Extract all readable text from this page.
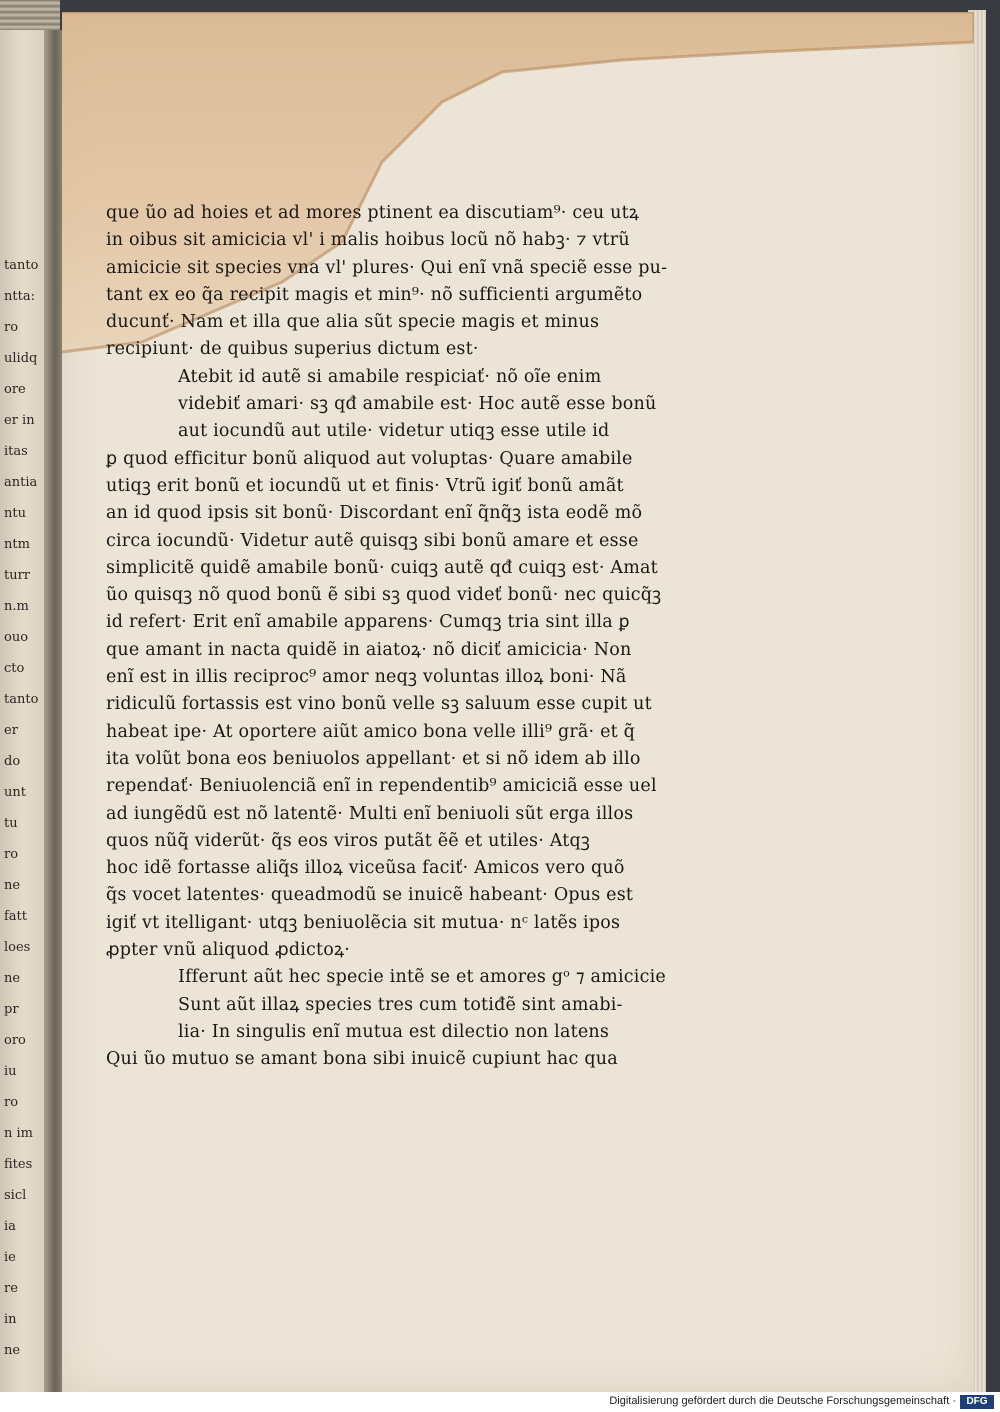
tanto
ntta:
ro
ulidq
ore
er in
itas
antia
ntu
ntm
turr
n.m
ouo
cto
tanto
er
do
unt
tu
ro
ne
fatt
loes
ne
pr
oro
iu
ro
n im
fites
sicl
ia
ie
re
in
ne
que ũo ad hoies et ad mores ptinent ea discutiam⁹· ceu utꝝ
in oibus sit amicicia vl' i malis hoibus locũ nõ habꝫ· ⁊ vtrũ
amicicie sit species vna vl' plures· Qui enĩ vnã speciẽ esse pu-
tant ex eo q̃a recipit magis et min⁹· nõ sufficienti argumẽto
ducunť· Nam et illa que alia sũt specie magis et minus
recipiunt· de quibus superius dictum est·
Atebit id autẽ si amabile respiciať· nõ oĩe enim
videbiť amari· sꝫ qđ amabile est· Hoc autẽ esse bonũ
aut iocundũ aut utile· videtur utiqꝫ esse utile id
ꝑ quod efficitur bonũ aliquod aut voluptas· Quare amabile
utiqꝫ erit bonũ et iocundũ ut et finis· Vtrũ igiť bonũ amãt
an id quod ipsis sit bonũ· Discordant enĩ q̃nq̃ꝫ ista eodẽ mõ
circa iocundũ· Videtur autẽ quisqꝫ sibi bonũ amare et esse
simplicitẽ quidẽ amabile bonũ· cuiqꝫ autẽ qđ cuiqꝫ est· Amat
ũo quisqꝫ nõ quod bonũ ẽ sibi sꝫ quod videť bonũ· nec quicq̃ꝫ
id refert· Erit enĩ amabile apparens· Cumqꝫ tria sint illa ꝑ
que amant in nacta quidẽ in aiatoꝝ· nõ diciť amicicia· Non
enĩ est in illis reciproc⁹ amor neqꝫ voluntas illoꝝ boni· Nã
ridiculũ fortassis est vino bonũ velle sꝫ saluum esse cupit ut
habeat ipe· At oportere aiũt amico bona velle illi⁹ grã· et q̃
ita volũt bona eos beniuolos appellant· et si nõ idem ab illo
rependať· Beniuolenciã enĩ in rependentib⁹ amiciciã esse uel
ad iungẽdũ est nõ latentẽ· Multi enĩ beniuoli sũt erga illos
quos nũq̃ viderũt· q̃s eos viros putãt ẽẽ et utiles· Atqꝫ
hoc idẽ fortasse aliq̃s illoꝝ viceũsa faciť· Amicos vero quõ
q̃s vocet latentes· queadmodũ se inuicẽ habeant· Opus est
igiť vt itelligant· utqꝫ beniuolẽcia sit mutua· nᶜ latẽs ipos
ꝓpter vnũ aliquod ꝓdictoꝝ·
Ifferunt aũt hec specie intẽ se et amores gᵒ ⁊ amicicie
Sunt aũt illaꝝ species tres cum totiđẽ sint amabi-
lia· In singulis enĩ mutua est dilectio non latens
Qui ũo mutuo se amant bona sibi inuicẽ cupiunt hac qua
Digitalisierung gefördert durch die Deutsche Forschungsgemeinschaft ·	DFG
